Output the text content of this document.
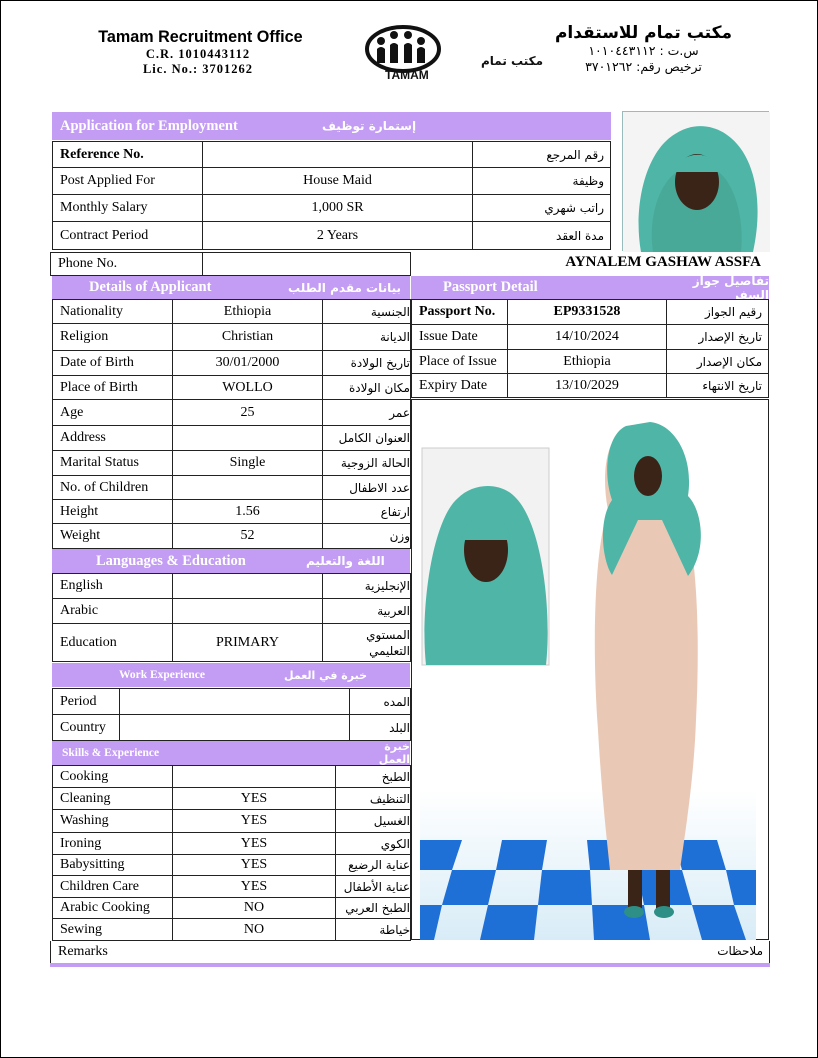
Tamam Recruitment Office
C.R. 1010443112
Lic. No.: 3701262	TAMAM
مكتب تمام
مكتب تمام للاستقدام
س.ت : ١٠١٠٤٤٣١١٢
ترخيص رقم: ٣٧٠١٢٦٢
Application for Employment	إستمارة توظيف
Reference No.	رقم المرجع
Post Applied For	House Maid	وظيفة
Monthly Salary	1,000 SR	راتب شهري
Contract Period	2 Years	مدة العقد
Phone No.	AYNALEM GASHAW ASSFA
Details of Applicant	بيانات مقدم الطلب	Passport Detail	تفاصيل جواز السفر
Nationality	Ethiopia	الجنسية
Religion	Christian	الديانة
Date of Birth	30/01/2000	تاريخ الولادة
Place of Birth	WOLLO	مكان الولادة
Age	25	عمر
Address	العنوان الكامل
Marital Status	Single	الحالة الزوجية
No. of Children	عدد الاطفال
Height	1.56	ارتفاع
Weight	52	وزن
Passport No.	EP9331528	رقيم الجواز
Issue Date	14/10/2024	تاريخ الإصدار
Place of Issue	Ethiopia	مكان الإصدار
Expiry Date	13/10/2029	تاريخ الانتهاء
Languages & Education	اللغة والتعليم
English	الإنجليزية
Arabic	العربية
Education	PRIMARY	المستوي التعليمي
Work Experience	خبرة في العمل
Period	المده
Country	البلد
Skills & Experience	خبرة العمل
Cooking	الطبخ
Cleaning	YES	التنظيف
Washing	YES	الغسيل
Ironing	YES	الكوي
Babysitting	YES	عناية الرضيع
Children Care	YES	عناية الأطفال
Arabic Cooking	NO	الطبخ العربي
Sewing	NO	خياطة
Remarks	ملاحظات
